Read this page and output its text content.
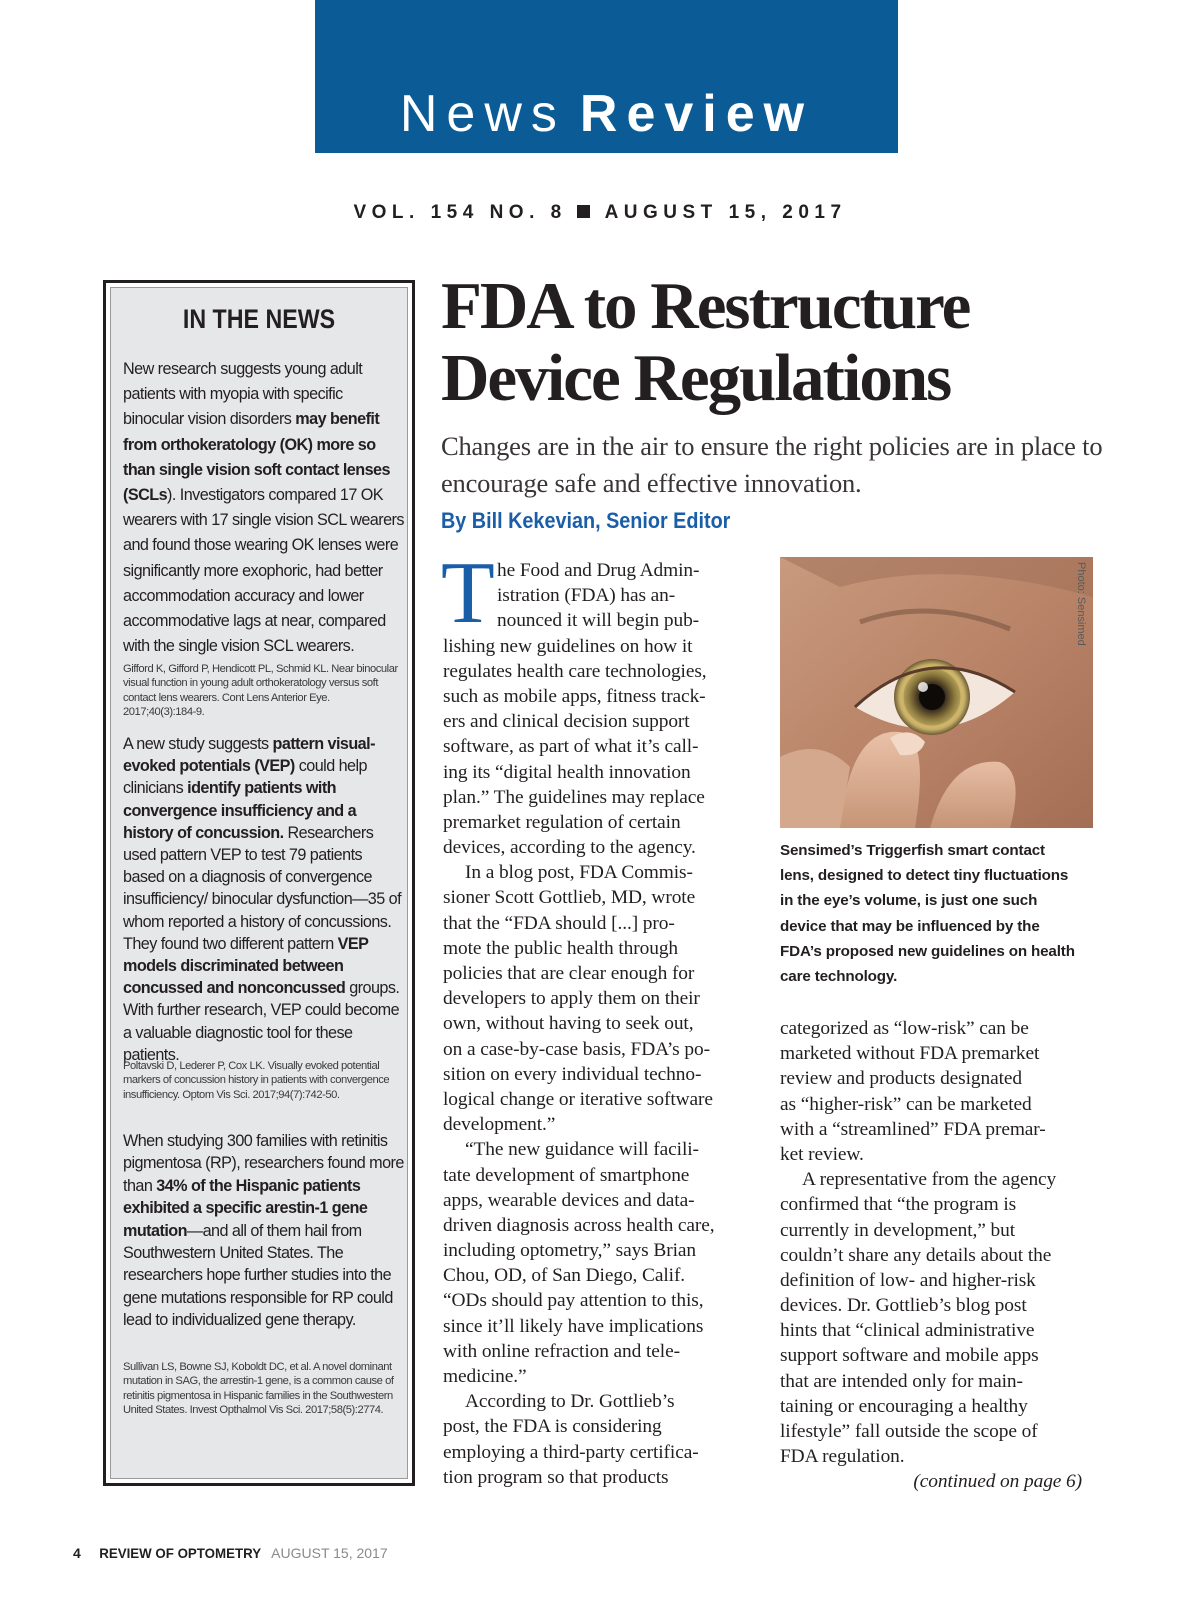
News Review
VOL. 154 NO. 8 AUGUST 15, 2017
IN THE NEWS
New research suggests young adult patients with myopia with specific binocular vision disorders may benefit from orthokeratology (OK) more so than single vision soft contact lenses (SCLs). Investigators compared 17 OK wearers with 17 single vision SCL wearers and found those wearing OK lenses were significantly more exophoric, had better accommodation accuracy and lower accommodative lags at near, compared with the single vision SCL wearers.
Gifford K, Gifford P, Hendicott PL, Schmid KL. Near binocular visual function in young adult orthokeratology versus soft contact lens wearers. Cont Lens Anterior Eye. 2017;40(3):184-9.
A new study suggests pattern visual-evoked potentials (VEP) could help clinicians identify patients with convergence insufficiency and a history of concussion. Researchers used pattern VEP to test 79 patients based on a diagnosis of convergence insufficiency/ binocular dysfunction—35 of whom reported a history of concussions. They found two different pattern VEP models discriminated between concussed and nonconcussed groups. With further research, VEP could become a valuable diagnostic tool for these patients.
Poltavski D, Lederer P, Cox LK. Visually evoked potential markers of concussion history in patients with convergence insufficiency. Optom Vis Sci. 2017;94(7):742-50.
When studying 300 families with retinitis pigmentosa (RP), researchers found more than 34% of the Hispanic patients exhibited a specific arestin-1 gene mutation—and all of them hail from Southwestern United States. The researchers hope further studies into the gene mutations responsible for RP could lead to individualized gene therapy.
Sullivan LS, Bowne SJ, Koboldt DC, et al. A novel dominant mutation in SAG, the arrestin-1 gene, is a common cause of retinitis pigmentosa in Hispanic families in the Southwestern United States. Invest Opthalmol Vis Sci. 2017;58(5):2774.
FDA to Restructure
Device Regulations
Changes are in the air to ensure the right policies are in place to encourage safe and effective innovation.
By Bill Kekevian, Senior Editor
T he Food and Drug Admin-
istration (FDA) has an-
nounced it will begin pub-
lishing new guidelines on how it
regulates health care technologies,
such as mobile apps, fitness track-
ers and clinical decision support
software, as part of what it’s call-
ing its “digital health innovation
plan.” The guidelines may replace
premarket regulation of certain
devices, according to the agency.
In a blog post, FDA Commis-
sioner Scott Gottlieb, MD, wrote
that the “FDA should [...] pro-
mote the public health through
policies that are clear enough for
developers to apply them on their
own, without having to seek out,
on a case-by-case basis, FDA’s po-
sition on every individual techno-
logical change or iterative software
development.”
“The new guidance will facili-
tate development of smartphone
apps, wearable devices and data-
driven diagnosis across health care,
including optometry,” says Brian
Chou, OD, of San Diego, Calif.
“ODs should pay attention to this,
since it’ll likely have implications
with online refraction and tele-
medicine.”
According to Dr. Gottlieb’s
post, the FDA is considering
employing a third-party certifica-
tion program so that products
Photo: Sensimed
Sensimed’s Triggerfish smart contact
lens, designed to detect tiny fluctuations
in the eye’s volume, is just one such
device that may be influenced by the
FDA’s proposed new guidelines on health
care technology.
categorized as “low-risk” can be
marketed without FDA premarket
review and products designated
as “higher-risk” can be marketed
with a “streamlined” FDA premar-
ket review.
A representative from the agency
confirmed that “the program is
currently in development,” but
couldn’t share any details about the
definition of low- and higher-risk
devices. Dr. Gottlieb’s blog post
hints that “clinical administrative
support software and mobile apps
that are intended only for main-
taining or encouraging a healthy
lifestyle” fall outside the scope of
FDA regulation.
(continued on page 6)
4 REVIEW OF OPTOMETRY AUGUST 15, 2017
